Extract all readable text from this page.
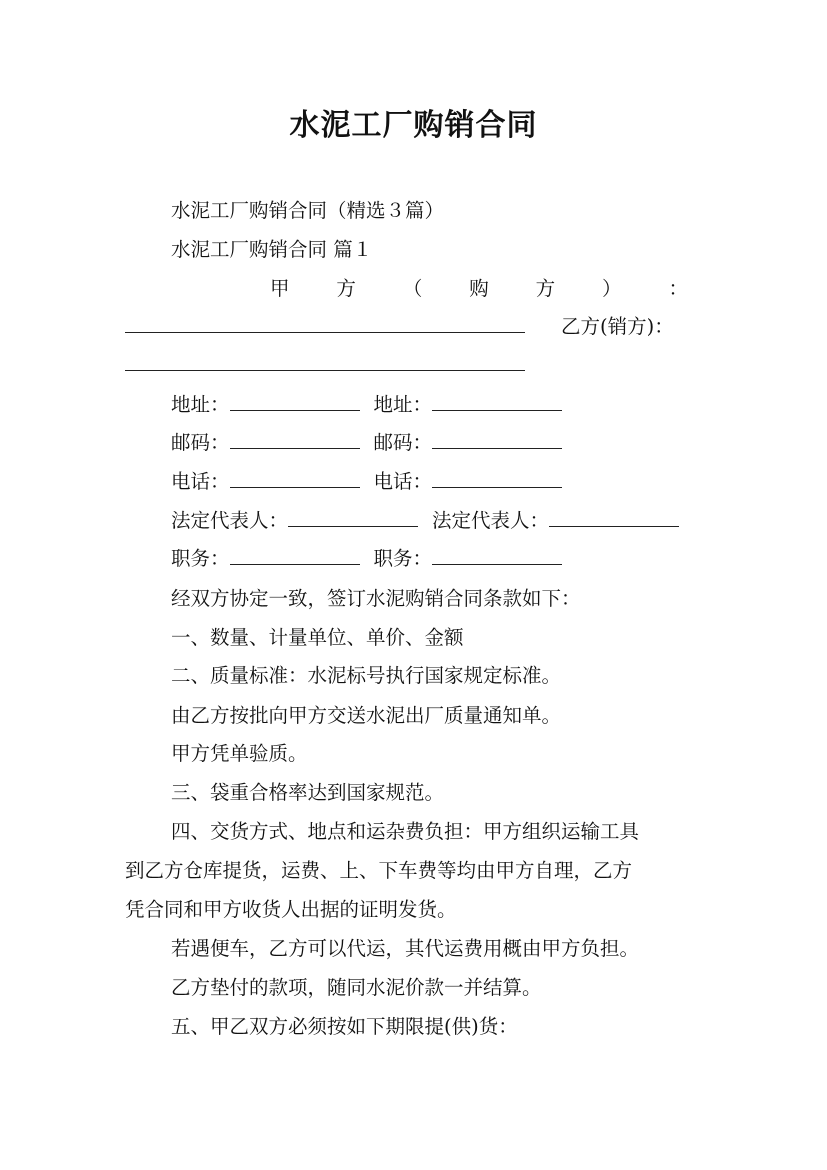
水泥工厂购销合同
水泥工厂购销合同（精选３篇）
水泥工厂购销合同 篇１
甲 方 （ 购 方 ） ：
乙方(销方)：
地址：	地址：
邮码：	邮码：
电话：	电话：
法定代表人：	法定代表人：
职务：	职务：
经双方协定一致，签订水泥购销合同条款如下：
一、数量、计量单位、单价、金额
二、质量标准：水泥标号执行国家规定标准。
由乙方按批向甲方交送水泥出厂质量通知单。
甲方凭单验质。
三、袋重合格率达到国家规范。
四、交货方式、地点和运杂费负担：甲方组织运输工具
到乙方仓库提货，运费、上、下车费等均由甲方自理，乙方
凭合同和甲方收货人出据的证明发货。
若遇便车，乙方可以代运，其代运费用概由甲方负担。
乙方垫付的款项，随同水泥价款一并结算。
五、甲乙双方必须按如下期限提(供)货：
